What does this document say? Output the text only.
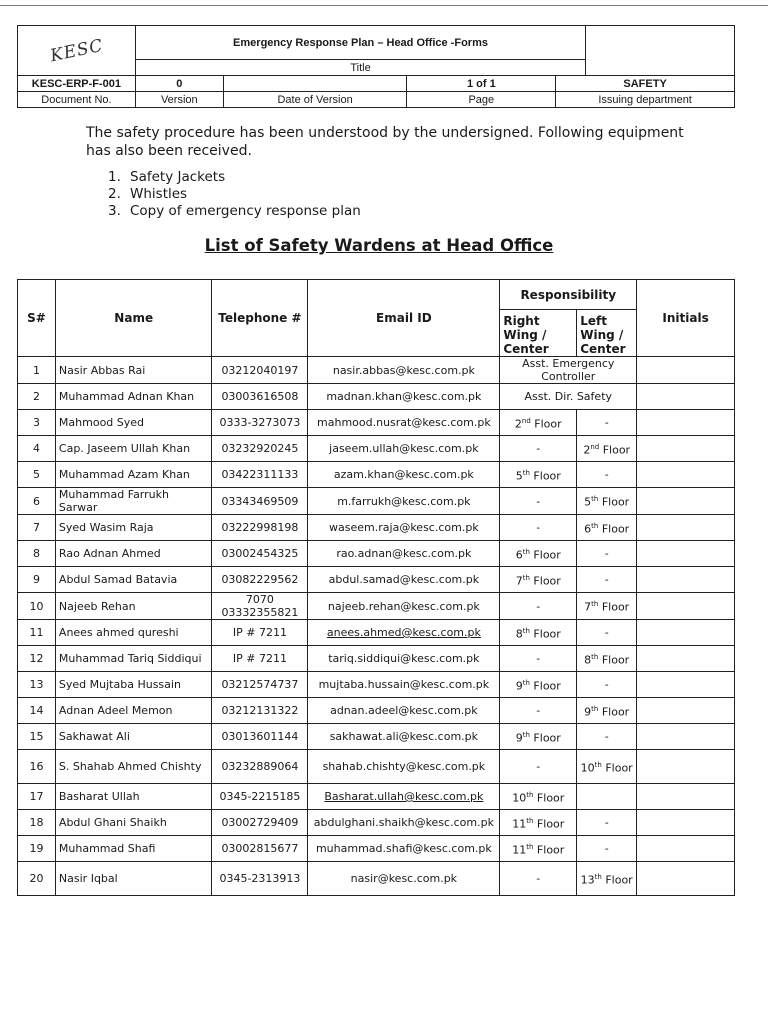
KESC	Emergency Response Plan – Head Office -Forms				
	Title				
KESC-ERP-F-001	0		1 of 1	SAFETY	
Document No.	Version	Date of Version	Page	Issuing department	
The safety procedure has been understood by the undersigned. Following equipment has also been received.
1. Safety Jackets
2. Whistles
3. Copy of emergency response plan
List of Safety Wardens at Head Office
S#	Name	Telephone #	Email ID	Responsibility		Initials
				Right Wing / Center	Left Wing / Center	
1	Nasir Abbas Rai	03212040197	nasir.abbas@kesc.com.pk	Asst. Emergency Controller		
2	Muhammad Adnan Khan	03003616508	madnan.khan@kesc.com.pk	Asst. Dir. Safety		
3	Mahmood Syed	0333-3273073	mahmood.nusrat@kesc.com.pk	2nd Floor	-	
4	Cap. Jaseem Ullah Khan	03232920245	jaseem.ullah@kesc.com.pk	-	2nd Floor	
5	Muhammad Azam Khan	03422311133	azam.khan@kesc.com.pk	5th Floor	-	
6	Muhammad Farrukh Sarwar	03343469509	m.farrukh@kesc.com.pk	-	5th Floor	
7	Syed Wasim Raja	03222998198	waseem.raja@kesc.com.pk	-	6th Floor	
8	Rao Adnan Ahmed	03002454325	rao.adnan@kesc.com.pk	6th Floor	-	
9	Abdul Samad Batavia	03082229562	abdul.samad@kesc.com.pk	7th Floor	-	
10	Najeeb Rehan	7070 03332355821	najeeb.rehan@kesc.com.pk	-	7th Floor	
11	Anees ahmed qureshi	IP # 7211	anees.ahmed@kesc.com.pk	8th Floor	-	
12	Muhammad Tariq Siddiqui	IP # 7211	tariq.siddiqui@kesc.com.pk	-	8th Floor	
13	Syed Mujtaba Hussain	03212574737	mujtaba.hussain@kesc.com.pk	9th Floor	-	
14	Adnan Adeel Memon	03212131322	adnan.adeel@kesc.com.pk	-	9th Floor	
15	Sakhawat Ali	03013601144	sakhawat.ali@kesc.com.pk	9th Floor	-	
16	S. Shahab Ahmed Chishty	03232889064	shahab.chishty@kesc.com.pk	-	10th Floor	
17	Basharat Ullah	0345-2215185	Basharat.ullah@kesc.com.pk	10th Floor		
18	Abdul Ghani Shaikh	03002729409	abdulghani.shaikh@kesc.com.pk	11th Floor	-	
19	Muhammad Shafi	03002815677	muhammad.shafi@kesc.com.pk	11th Floor	-	
20	Nasir Iqbal	0345-2313913	nasir@kesc.com.pk	-	13th Floor	
